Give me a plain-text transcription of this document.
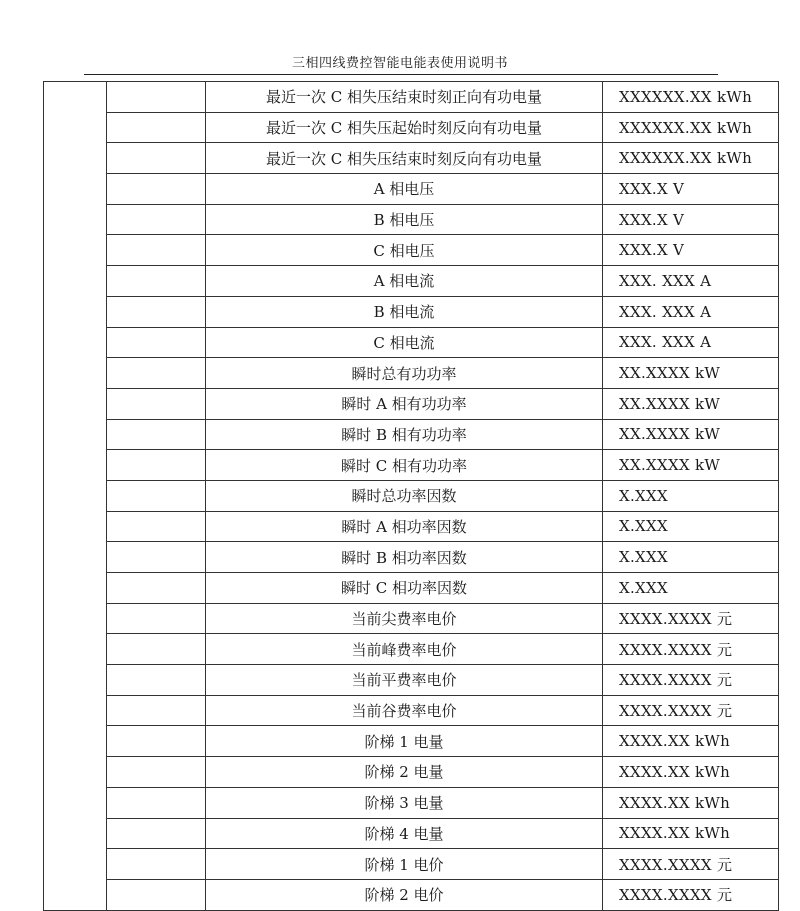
三相四线费控智能电能表使用说明书
		最近一次 C 相失压结束时刻正向有功电量	XXXXXX.XX kWh
		最近一次 C 相失压起始时刻反向有功电量	XXXXXX.XX kWh
		最近一次 C 相失压结束时刻反向有功电量	XXXXXX.XX kWh
		A 相电压	XXX.X V
		B 相电压	XXX.X V
		C 相电压	XXX.X V
		A 相电流	XXX. XXX A
		B 相电流	XXX. XXX A
		C 相电流	XXX. XXX A
		瞬时总有功功率	XX.XXXX kW
		瞬时 A 相有功功率	XX.XXXX kW
		瞬时 B 相有功功率	XX.XXXX kW
		瞬时 C 相有功功率	XX.XXXX kW
		瞬时总功率因数	X.XXX
		瞬时 A 相功率因数	X.XXX
		瞬时 B 相功率因数	X.XXX
		瞬时 C 相功率因数	X.XXX
		当前尖费率电价	XXXX.XXXX 元
		当前峰费率电价	XXXX.XXXX 元
		当前平费率电价	XXXX.XXXX 元
		当前谷费率电价	XXXX.XXXX 元
		阶梯 1 电量	XXXX.XX kWh
		阶梯 2 电量	XXXX.XX kWh
		阶梯 3 电量	XXXX.XX kWh
		阶梯 4 电量	XXXX.XX kWh
		阶梯 1 电价	XXXX.XXXX 元
		阶梯 2 电价	XXXX.XXXX 元
